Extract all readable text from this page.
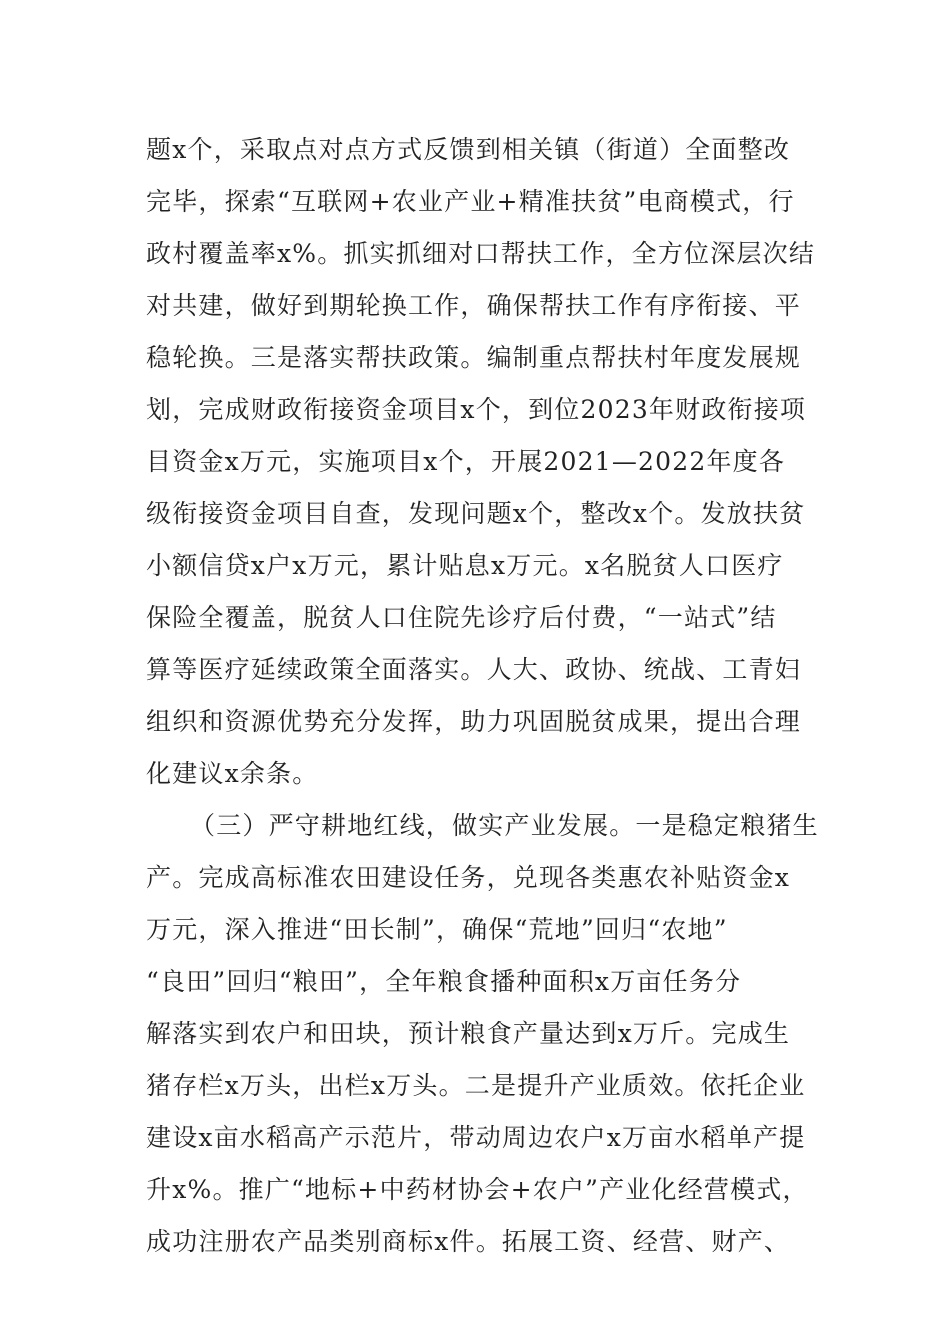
题x个，采取点对点方式反馈到相关镇（街道）全面整改
完毕，探索“互联网+农业产业+精准扶贫”电商模式，行
政村覆盖率x%。抓实抓细对口帮扶工作，全方位深层次结
对共建，做好到期轮换工作，确保帮扶工作有序衔接、平
稳轮换。三是落实帮扶政策。编制重点帮扶村年度发展规
划，完成财政衔接资金项目x个，到位2023年财政衔接项
目资金x万元，实施项目x个，开展2021—2022年度各
级衔接资金项目自查，发现问题x个，整改x个。发放扶贫
小额信贷x户x万元，累计贴息x万元。x名脱贫人口医疗
保险全覆盖，脱贫人口住院先诊疗后付费，“一站式”结
算等医疗延续政策全面落实。人大、政协、统战、工青妇
组织和资源优势充分发挥，助力巩固脱贫成果，提出合理
化建议x余条。
（三）严守耕地红线，做实产业发展。一是稳定粮猪生
产。完成高标准农田建设任务，兑现各类惠农补贴资金x
万元，深入推进“田长制”，确保“荒地”回归“农地”
“良田”回归“粮田”，全年粮食播种面积x万亩任务分
解落实到农户和田块，预计粮食产量达到x万斤。完成生
猪存栏x万头，出栏x万头。二是提升产业质效。依托企业
建设x亩水稻高产示范片，带动周边农户x万亩水稻单产提
升x%。推广“地标+中药材协会+农户”产业化经营模式，
成功注册农产品类别商标x件。拓展工资、经营、财产、
